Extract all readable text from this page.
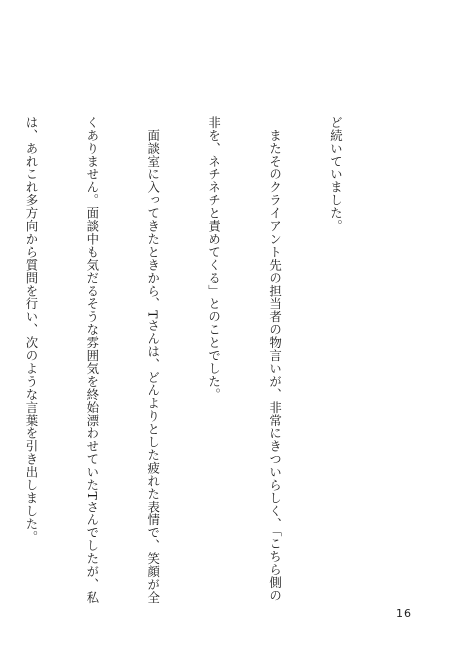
ど続いていました。

　またそのクライアント先の担当者の物言いが、非常にきついらしく、「こちら側の

非を、ネチネチと責めてくる」とのことでした。

　面談室に入ってきたときから、Tさんは、どんよりとした疲れた表情で、笑顔が全

くありません。面談中も気だるそうな雰囲気を終始漂わせていたTさんでしたが、私

は、あれこれ多方向から質問を行い、次のような言葉を引き出しました。

16
